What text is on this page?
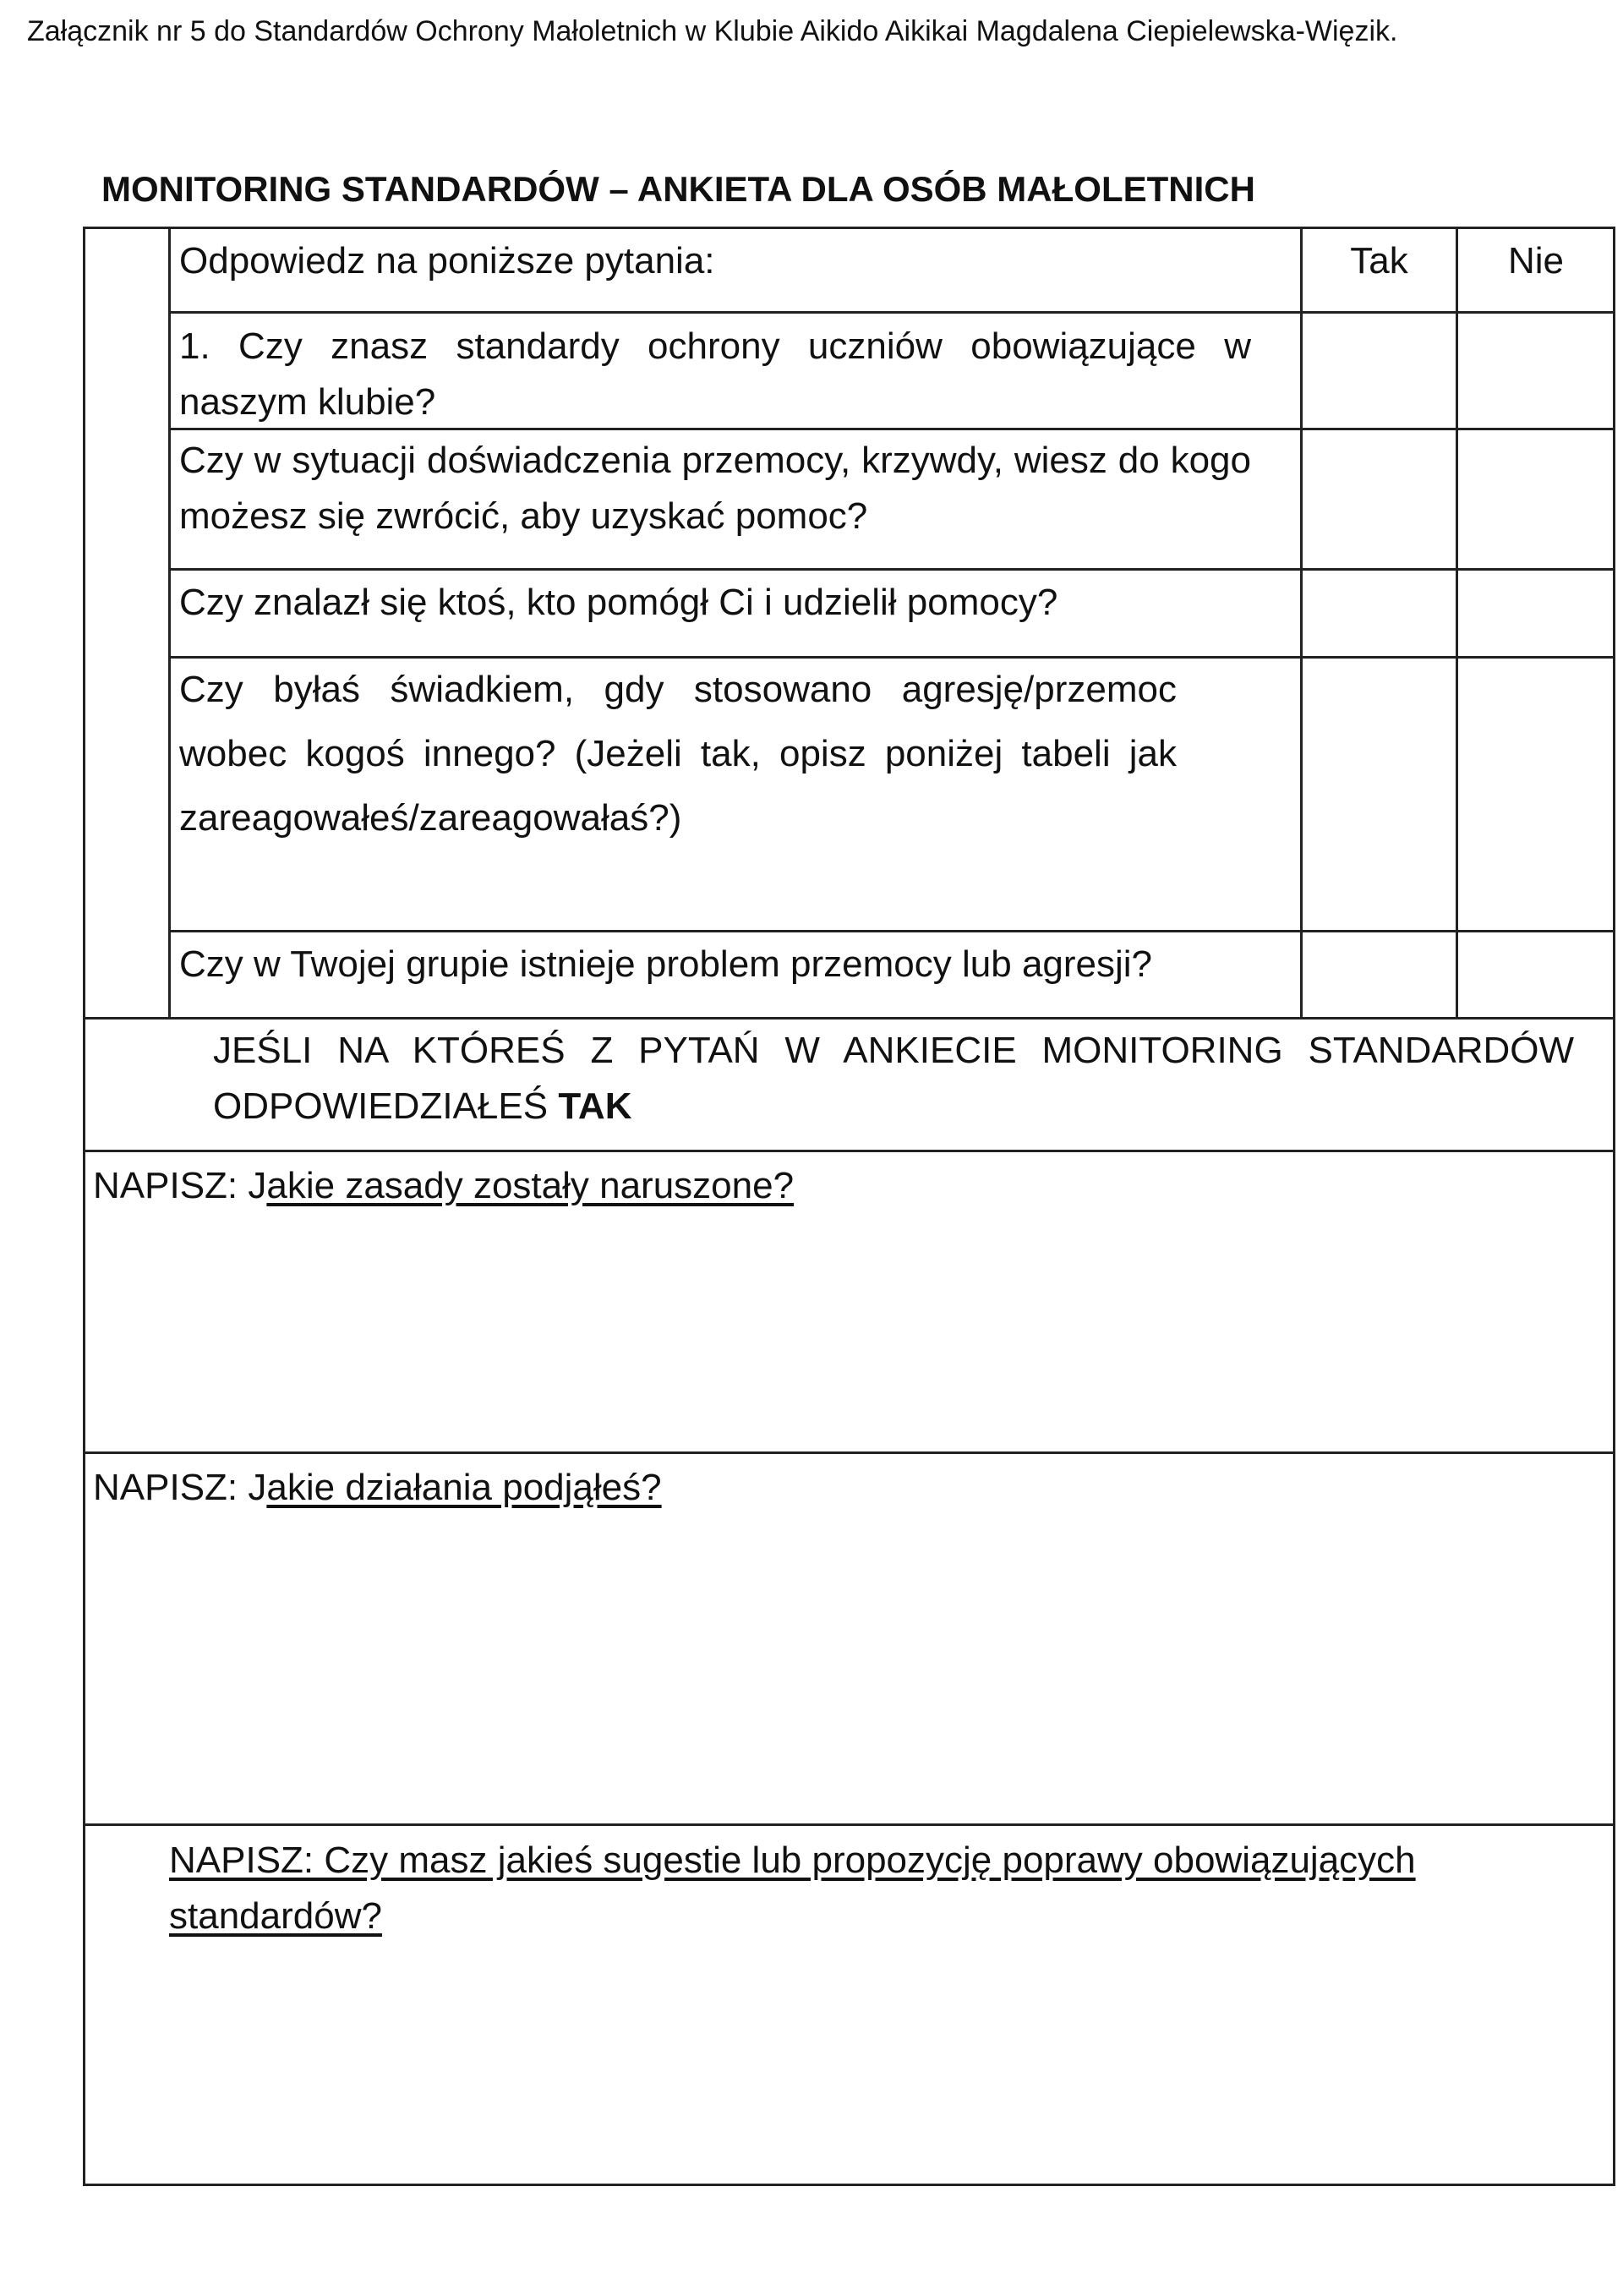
Załącznik nr 5 do Standardów Ochrony Małoletnich w Klubie Aikido Aikikai Magdalena Ciepielewska-Więzik.
MONITORING STANDARDÓW – ANKIETA DLA OSÓB MAŁOLETNICH
Odpowiedz na poniższe pytania:	Tak	Nie
1. Czy znasz standardy ochrony uczniów obowiązujące w naszym klubie?
Czy w sytuacji doświadczenia przemocy, krzywdy, wiesz do kogo możesz się zwrócić, aby uzyskać pomoc?
Czy znalazł się ktoś, kto pomógł Ci i udzielił pomocy?
Czy byłaś świadkiem, gdy stosowano agresję/przemoc wobec kogoś innego? (Jeżeli tak, opisz poniżej tabeli jak zareagowałeś/zareagowałaś?)
Czy w Twojej grupie istnieje problem przemocy lub agresji?
JEŚLI NA KTÓREŚ Z PYTAŃ W ANKIECIE MONITORING STANDARDÓW ODPOWIEDZIAŁEŚ TAK
NAPISZ: Jakie zasady zostały naruszone?
NAPISZ: Jakie działania podjąłeś?
NAPISZ: Czy masz jakieś sugestie lub propozycję poprawy obowiązujących standardów?
